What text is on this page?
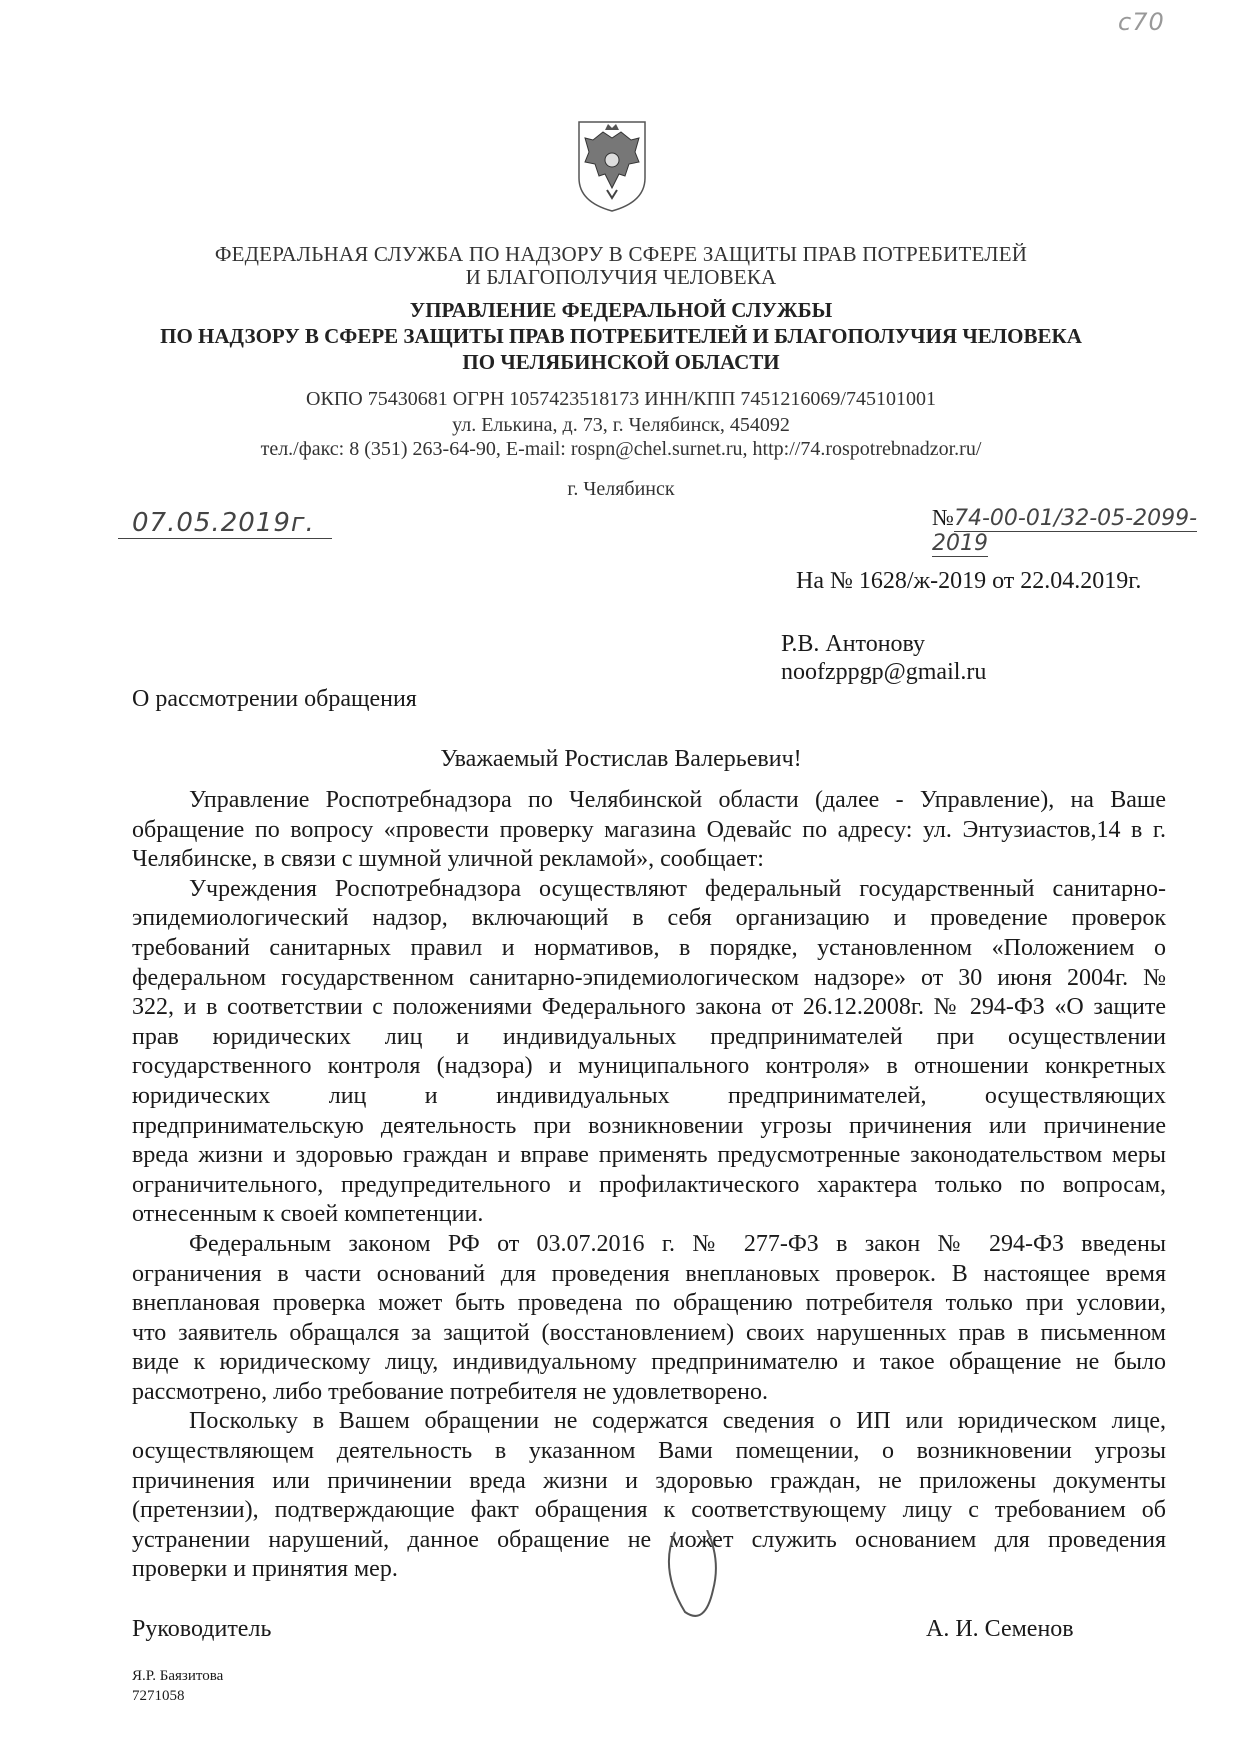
с70
ФЕДЕРАЛЬНАЯ СЛУЖБА ПО НАДЗОРУ В СФЕРЕ ЗАЩИТЫ ПРАВ ПОТРЕБИТЕЛЕЙ
И БЛАГОПОЛУЧИЯ ЧЕЛОВЕКА
УПРАВЛЕНИЕ ФЕДЕРАЛЬНОЙ СЛУЖБЫ
ПО НАДЗОРУ В СФЕРЕ ЗАЩИТЫ ПРАВ ПОТРЕБИТЕЛЕЙ И БЛАГОПОЛУЧИЯ ЧЕЛОВЕКА
ПО ЧЕЛЯБИНСКОЙ ОБЛАСТИ
ОКПО 75430681 ОГРН 1057423518173 ИНН/КПП 7451216069/745101001
ул. Елькина, д. 73, г. Челябинск, 454092
тел./факс: 8 (351) 263-64-90, E-mail: rospn@chel.surnet.ru, http://74.rospotrebnadzor.ru/
г. Челябинск
07.05.2019г.	№74-00-01/32-05-2099-2019
На № 1628/ж-2019 от 22.04.2019г.
Р.В. Антонову
noofzppgp@gmail.ru
О рассмотрении обращения
Уважаемый Ростислав Валерьевич!
Управление Роспотребнадзора по Челябинской области (далее - Управление), на Ваше
обращение по вопросу «провести проверку магазина Одевайс по адресу: ул. Энтузиастов,14 в г.
Челябинске, в связи с шумной уличной рекламой», сообщает:
Учреждения Роспотребнадзора осуществляют федеральный государственный санитарно-
эпидемиологический надзор, включающий в себя организацию и проведение проверок
требований санитарных правил и нормативов, в порядке, установленном «Положением о
федеральном государственном санитарно-эпидемиологическом надзоре» от 30 июня 2004г. №
322, и в соответствии с положениями Федерального закона от 26.12.2008г. № 294-ФЗ «О защите
прав юридических лиц и индивидуальных предпринимателей при осуществлении
государственного контроля (надзора) и муниципального контроля» в отношении конкретных
юридических лиц и индивидуальных предпринимателей, осуществляющих
предпринимательскую деятельность при возникновении угрозы причинения или причинение
вреда жизни и здоровью граждан и вправе применять предусмотренные законодательством меры
ограничительного, предупредительного и профилактического характера только по вопросам,
отнесенным к своей компетенции.
Федеральным законом РФ от 03.07.2016 г. № 277-ФЗ в закон № 294-ФЗ введены
ограничения в части оснований для проведения внеплановых проверок. В настоящее время
внеплановая проверка может быть проведена по обращению потребителя только при условии,
что заявитель обращался за защитой (восстановлением) своих нарушенных прав в письменном
виде к юридическому лицу, индивидуальному предпринимателю и такое обращение не было
рассмотрено, либо требование потребителя не удовлетворено.
Поскольку в Вашем обращении не содержатся сведения о ИП или юридическом лице,
осуществляющем деятельность в указанном Вами помещении, о возникновении угрозы
причинения или причинении вреда жизни и здоровью граждан, не приложены документы
(претензии), подтверждающие факт обращения к соответствующему лицу с требованием об
устранении нарушений, данное обращение не может служить основанием для проведения
проверки и принятия мер.
Руководитель	А. И. Семенов
Я.Р. Баязитова
7271058
